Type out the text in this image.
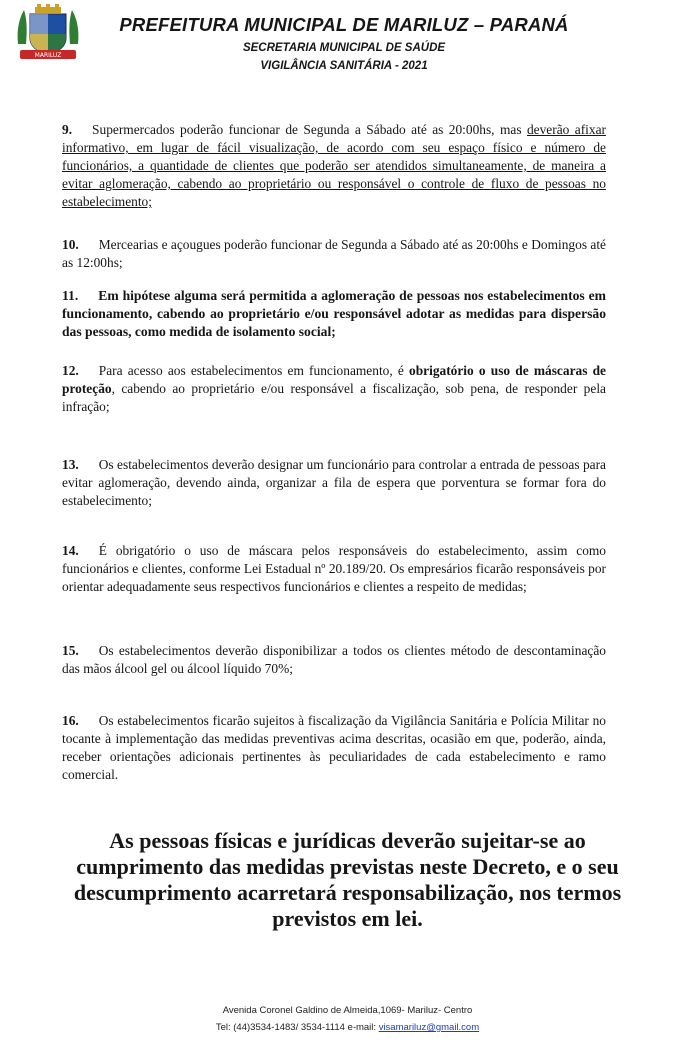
MARILUZ
PREFEITURA MUNICIPAL DE MARILUZ – PARANÁ
SECRETARIA MUNICIPAL DE SAÚDE
VIGILÂNCIA SANITÁRIA - 2021

9. Supermercados poderão funcionar de Segunda a Sábado até as 20:00hs, mas deverão afixar informativo, em lugar de fácil visualização, de acordo com seu espaço físico e número de funcionários, a quantidade de clientes que poderão ser atendidos simultaneamente, de maneira a evitar aglomeração, cabendo ao proprietário ou responsável o controle de fluxo de pessoas no estabelecimento;

10. Mercearias e açougues poderão funcionar de Segunda a Sábado até as 20:00hs e Domingos até as 12:00hs;

11. Em hipótese alguma será permitida a aglomeração de pessoas nos estabelecimentos em funcionamento, cabendo ao proprietário e/ou responsável adotar as medidas para dispersão das pessoas, como medida de isolamento social;

12. Para acesso aos estabelecimentos em funcionamento, é obrigatório o uso de máscaras de proteção, cabendo ao proprietário e/ou responsável a fiscalização, sob pena, de responder pela infração;

13. Os estabelecimentos deverão designar um funcionário para controlar a entrada de pessoas para evitar aglomeração, devendo ainda, organizar a fila de espera que porventura se formar fora do estabelecimento;

14. É obrigatório o uso de máscara pelos responsáveis do estabelecimento, assim como funcionários e clientes, conforme Lei Estadual nº 20.189/20. Os empresários ficarão responsáveis por orientar adequadamente seus respectivos funcionários e clientes a respeito de medidas;

15. Os estabelecimentos deverão disponibilizar a todos os clientes método de descontaminação das mãos álcool gel ou álcool líquido 70%;

16. Os estabelecimentos ficarão sujeitos à fiscalização da Vigilância Sanitária e Polícia Militar no tocante à implementação das medidas preventivas acima descritas, ocasião em que, poderão, ainda, receber orientações adicionais pertinentes às peculiaridades de cada estabelecimento e ramo comercial.

As pessoas físicas e jurídicas deverão sujeitar-se ao cumprimento das medidas previstas neste Decreto, e o seu descumprimento acarretará responsabilização, nos termos previstos em lei.

Avenida Coronel Galdino de Almeida,1069- Mariluz- Centro
Tel: (44)3534-1483/ 3534-1114 e-mail: visamariluz@gmail.com
